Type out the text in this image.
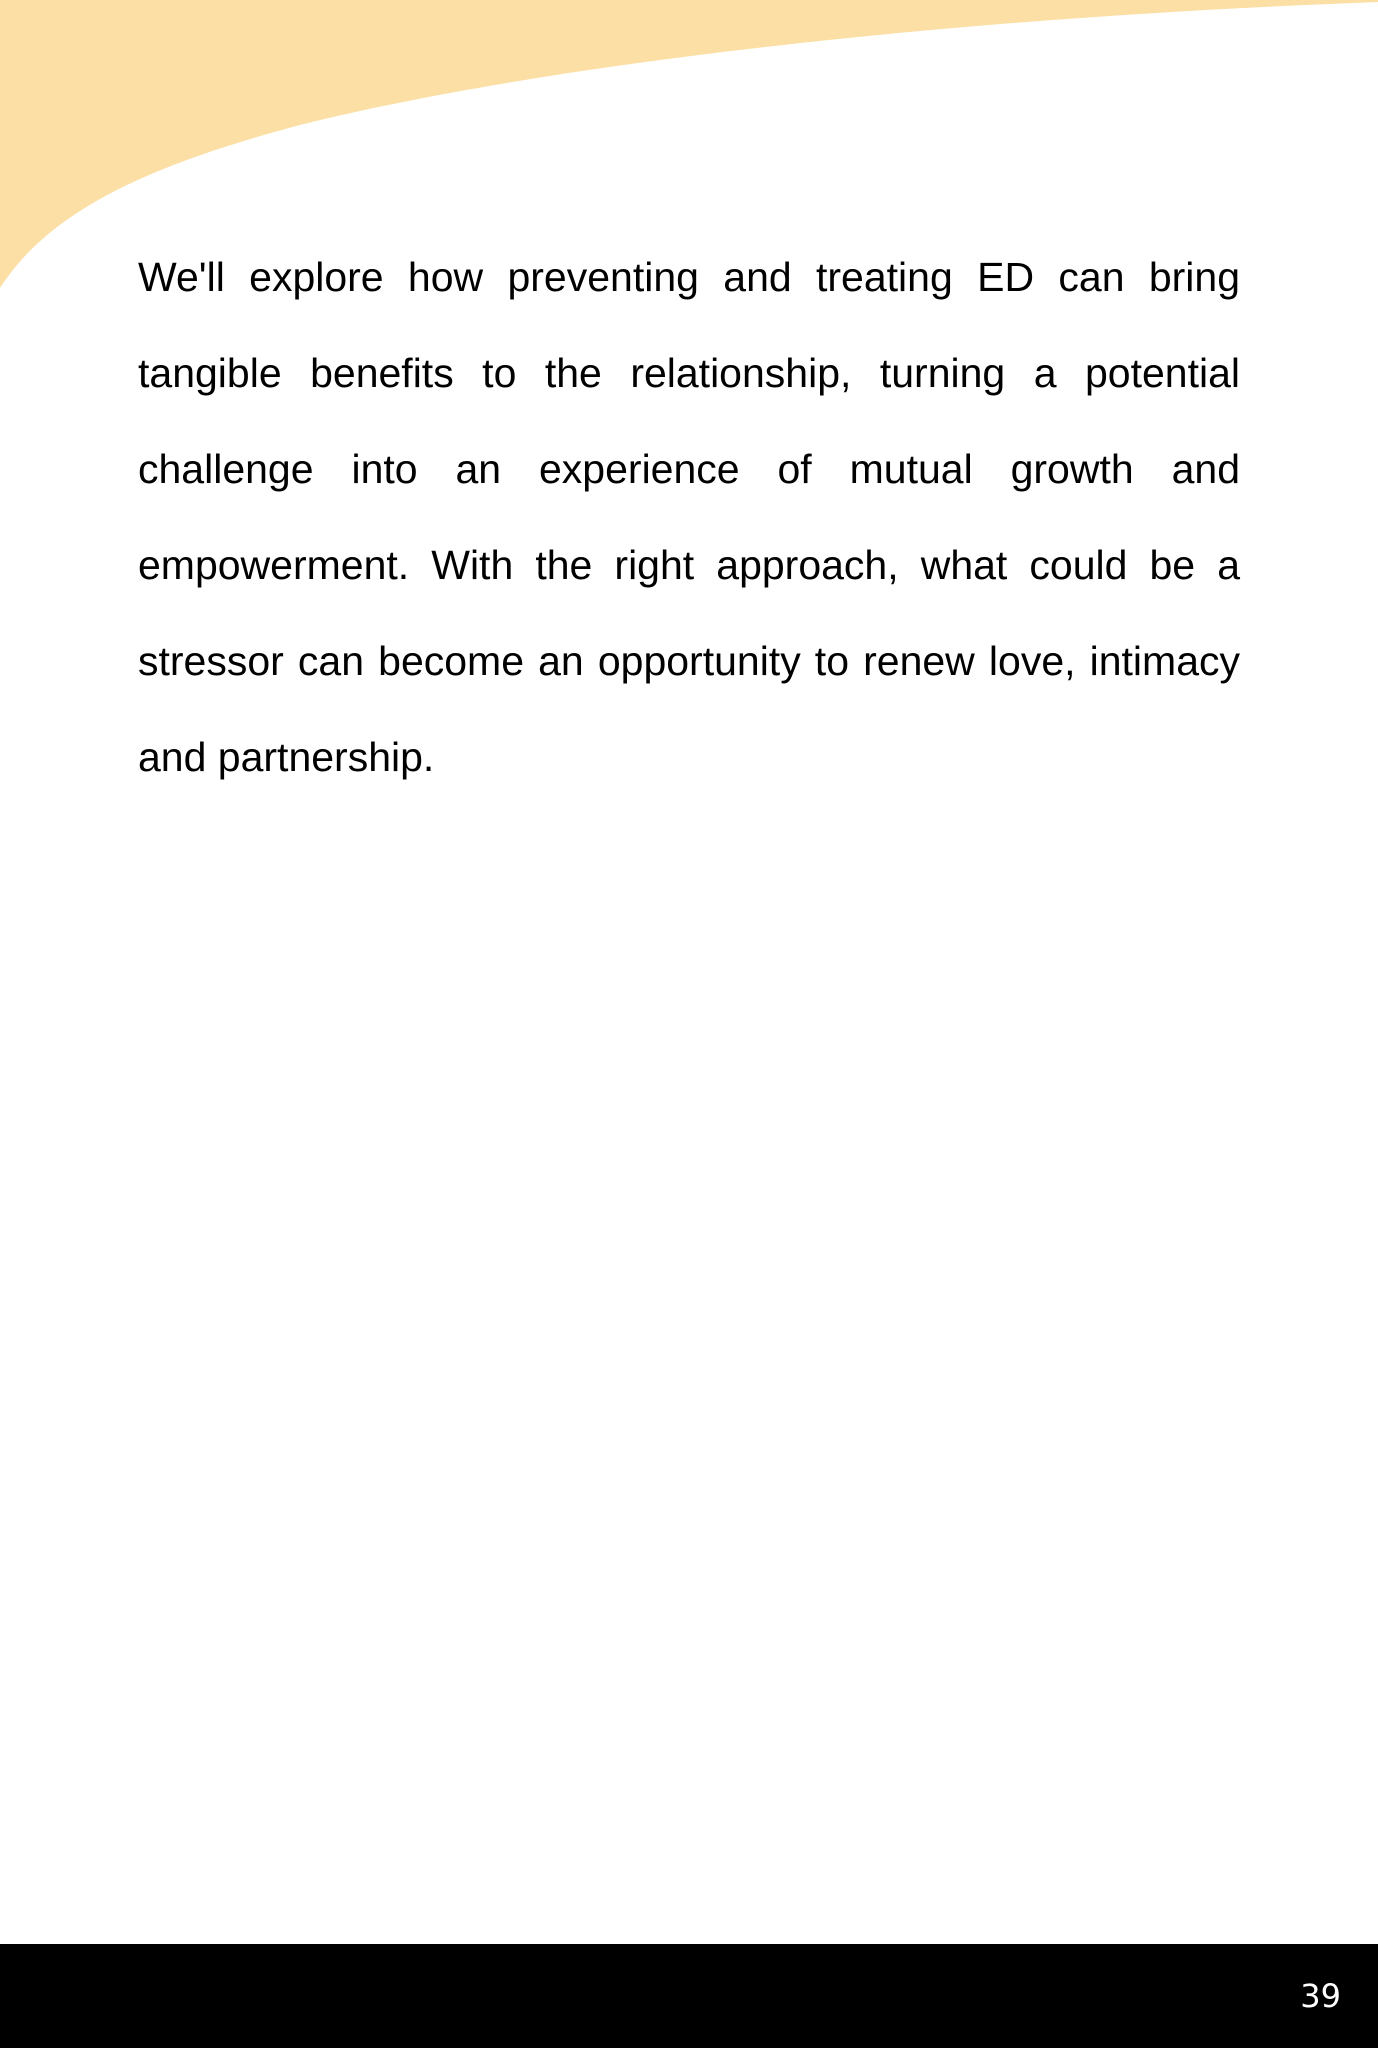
We'll explore how preventing and treating ED can bring tangible benefits to the relationship, turning a potential challenge into an experience of mutual growth and empowerment. With the right approach, what could be a stressor can become an opportunity to renew love, intimacy and partnership.

39
